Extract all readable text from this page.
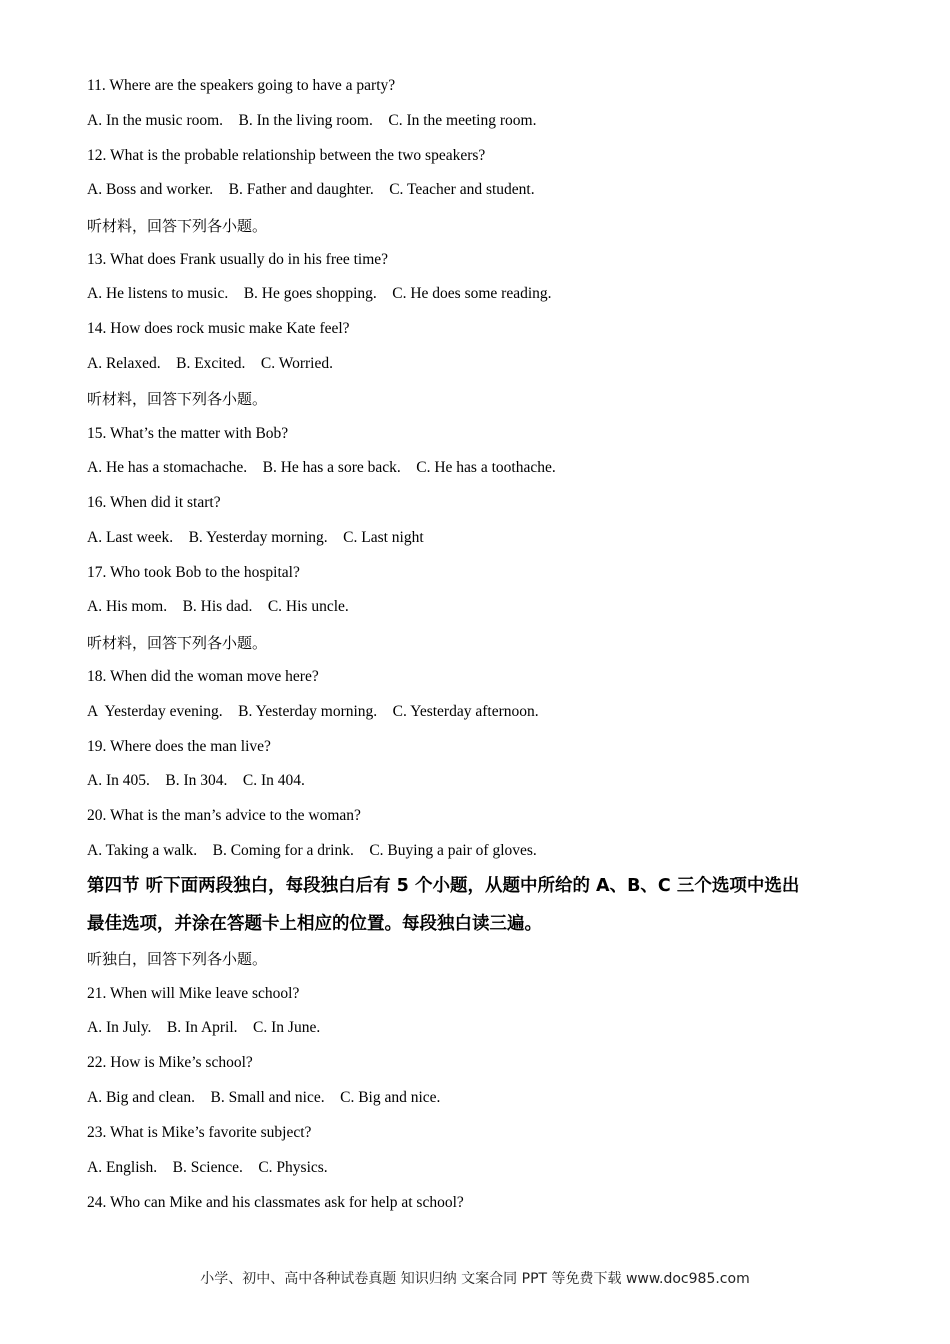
11. Where are the speakers going to have a party?
A. In the music room.    B. In the living room.    C. In the meeting room.
12. What is the probable relationship between the two speakers?
A. Boss and worker.    B. Father and daughter.    C. Teacher and student.
听材料，回答下列各小题。
13. What does Frank usually do in his free time?
A. He listens to music.    B. He goes shopping.    C. He does some reading.
14. How does rock music make Kate feel?
A. Relaxed.    B. Excited.    C. Worried.
听材料，回答下列各小题。
15. What’s the matter with Bob?
A. He has a stomachache.    B. He has a sore back.    C. He has a toothache.
16. When did it start?
A. Last week.    B. Yesterday morning.    C. Last night
17. Who took Bob to the hospital?
A. His mom.    B. His dad.    C. His uncle.
听材料，回答下列各小题。
18. When did the woman move here?
A  Yesterday evening.    B. Yesterday morning.    C. Yesterday afternoon.
19. Where does the man live?
A. In 405.    B. In 304.    C. In 404.
20. What is the man’s advice to the woman?
A. Taking a walk.    B. Coming for a drink.    C. Buying a pair of gloves.
第四节 听下面两段独白，每段独白后有 5 个小题，从题中所给的 A、B、C 三个选项中选出
最佳选项，并涂在答题卡上相应的位置。每段独白读三遍。
听独白，回答下列各小题。
21. When will Mike leave school?
A. In July.    B. In April.    C. In June.
22. How is Mike’s school?
A. Big and clean.    B. Small and nice.    C. Big and nice.
23. What is Mike’s favorite subject?
A. English.    B. Science.    C. Physics.
24. Who can Mike and his classmates ask for help at school?
小学、初中、高中各种试卷真题 知识归纳 文案合同 PPT 等免费下载 www.doc985.com
